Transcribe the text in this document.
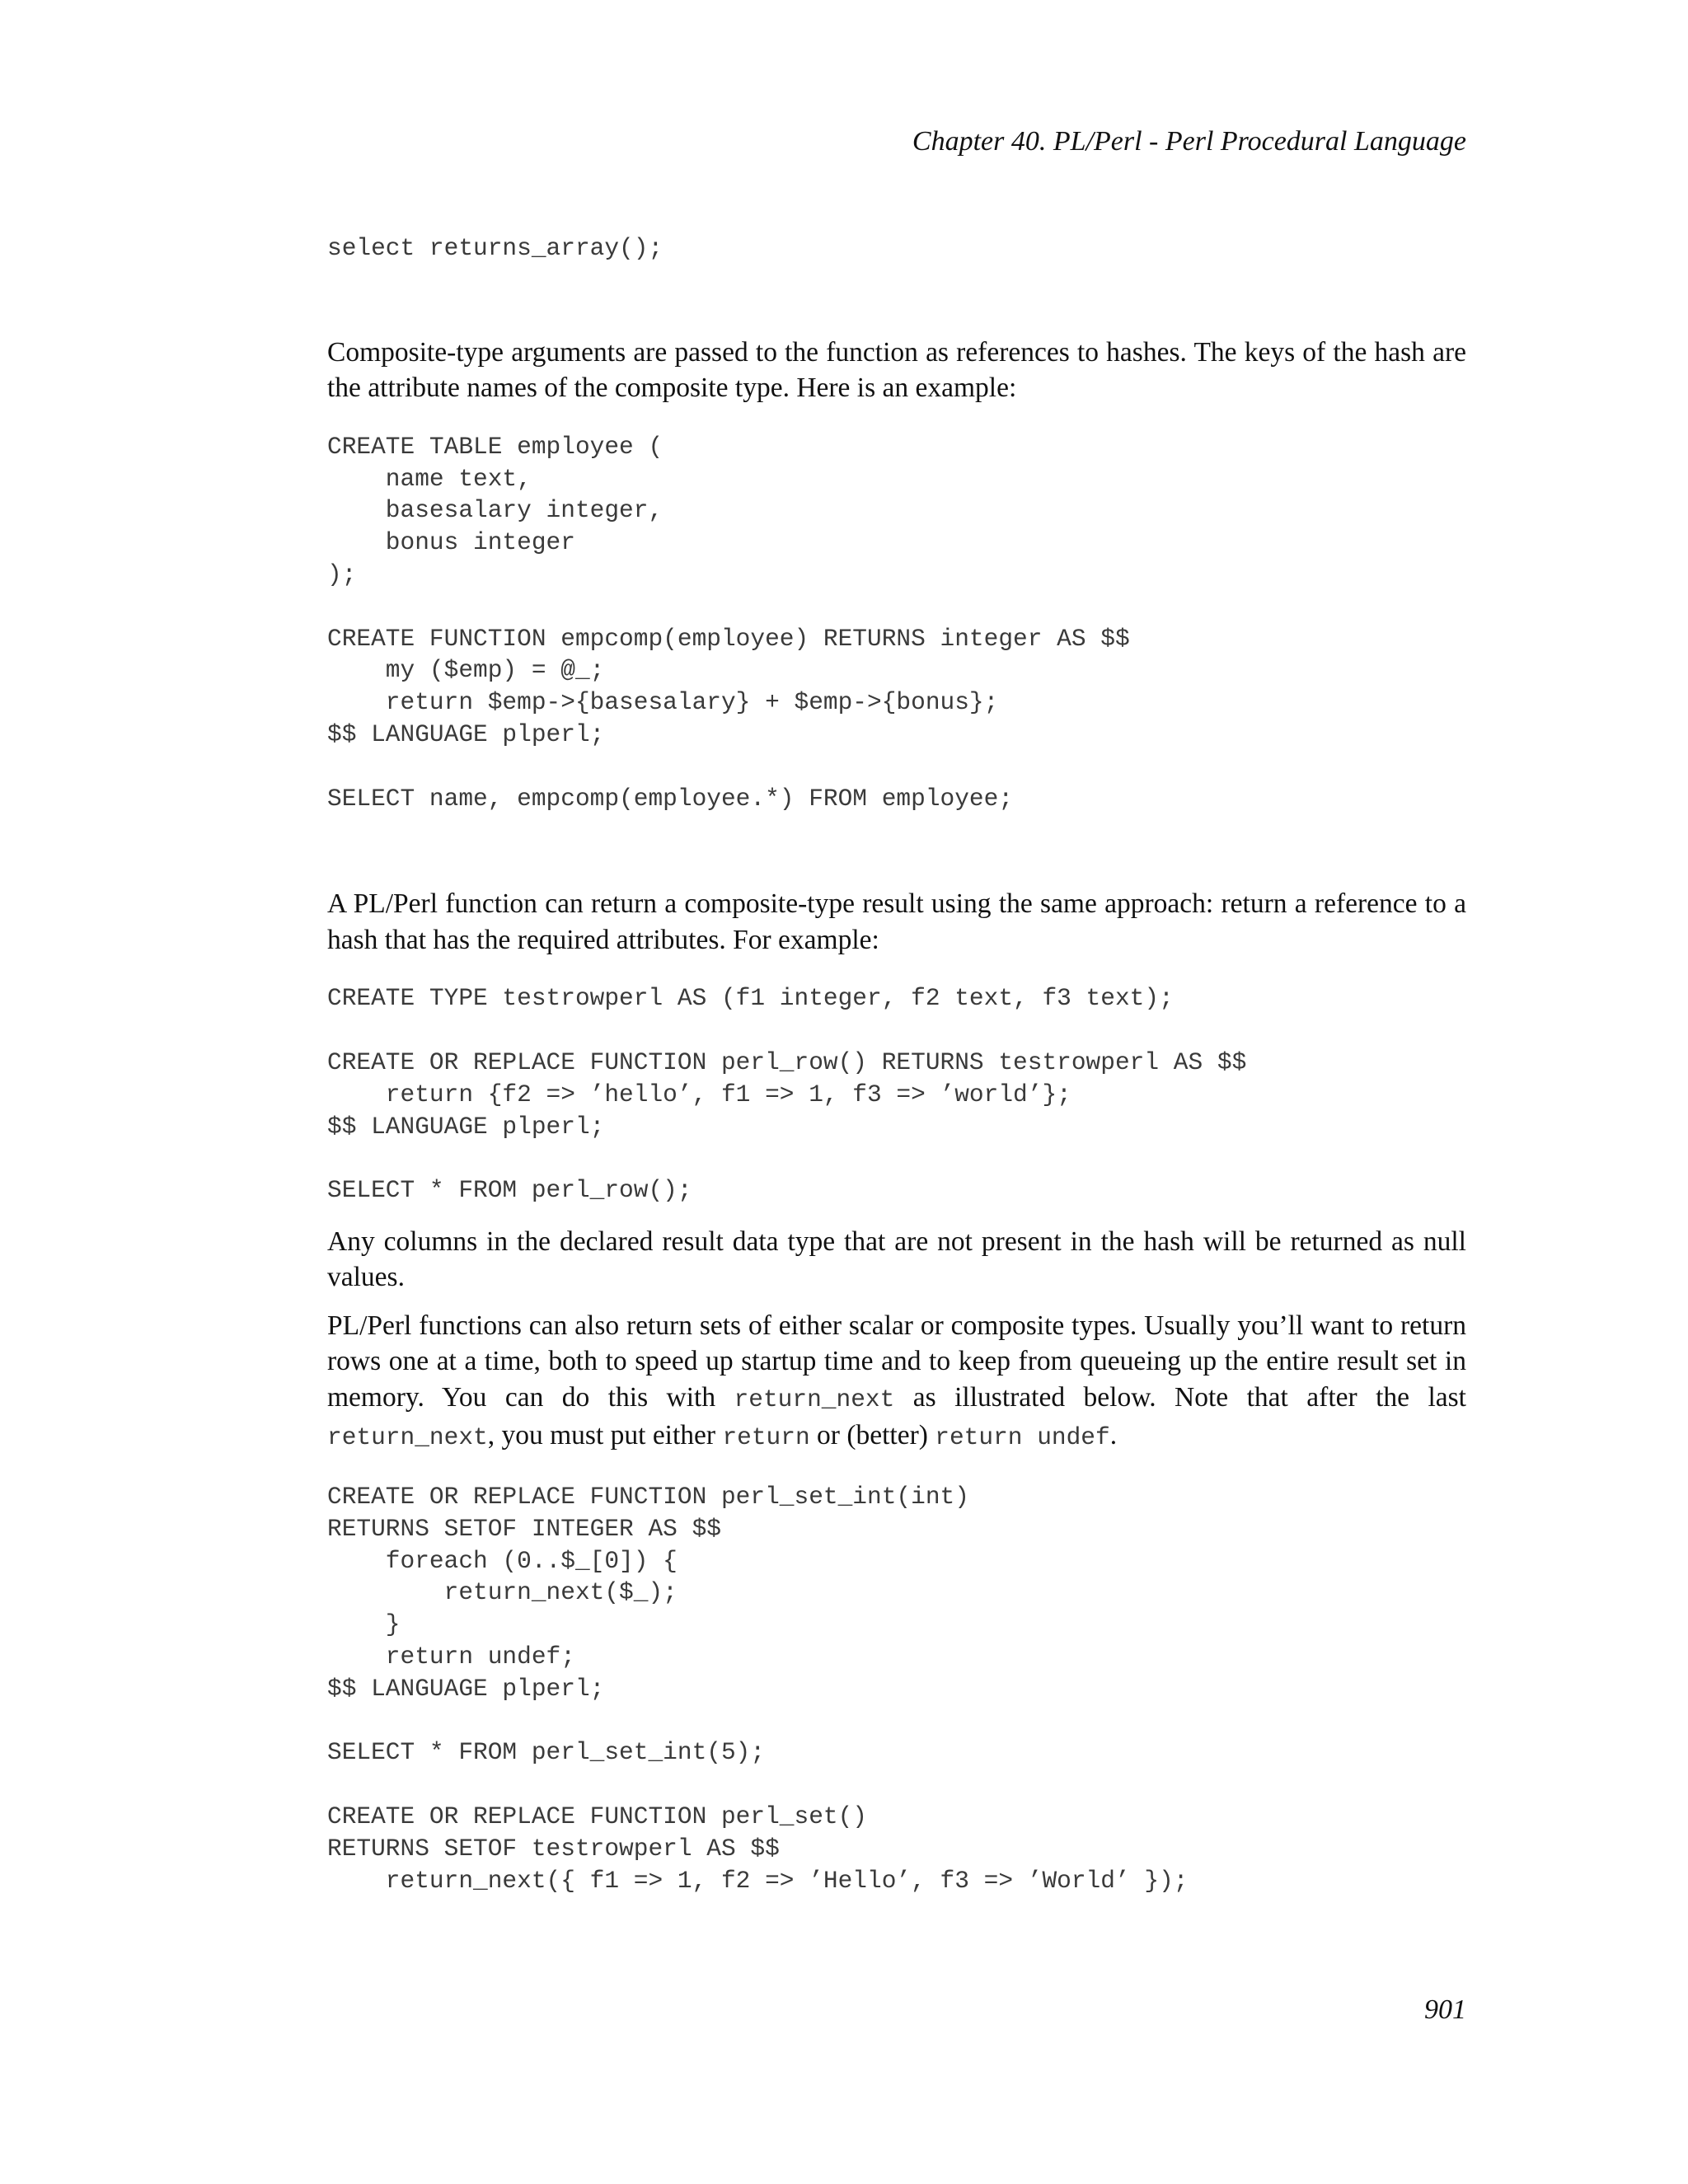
Chapter 40. PL/Perl - Perl Procedural Language
select returns_array();

Composite-type arguments are passed to the function as references to hashes. The keys of the hash are the attribute names of the composite type. Here is an example:

CREATE TABLE employee (
name text,
basesalary integer,
bonus integer
);

CREATE FUNCTION empcomp(employee) RETURNS integer AS $$
my ($emp) = @_;
return $emp->{basesalary} + $emp->{bonus};
$$ LANGUAGE plperl;

SELECT name, empcomp(employee.*) FROM employee;

A PL/Perl function can return a composite-type result using the same approach: return a reference to a hash that has the required attributes. For example:

CREATE TYPE testrowperl AS (f1 integer, f2 text, f3 text);

CREATE OR REPLACE FUNCTION perl_row() RETURNS testrowperl AS $$
return {f2 => ’hello’, f1 => 1, f3 => ’world’};
$$ LANGUAGE plperl;

SELECT * FROM perl_row();

Any columns in the declared result data type that are not present in the hash will be returned as null values.

PL/Perl functions can also return sets of either scalar or composite types. Usually you’ll want to return rows one at a time, both to speed up startup time and to keep from queueing up the entire result set in memory. You can do this with return_next as illustrated below. Note that after the last return_next, you must put either return or (better) return undef.

CREATE OR REPLACE FUNCTION perl_set_int(int)
RETURNS SETOF INTEGER AS $$
foreach (0..$_[0]) {
return_next($_);
}
return undef;
$$ LANGUAGE plperl;

SELECT * FROM perl_set_int(5);

CREATE OR REPLACE FUNCTION perl_set()
RETURNS SETOF testrowperl AS $$
return_next({ f1 => 1, f2 => ’Hello’, f3 => ’World’ });
901
